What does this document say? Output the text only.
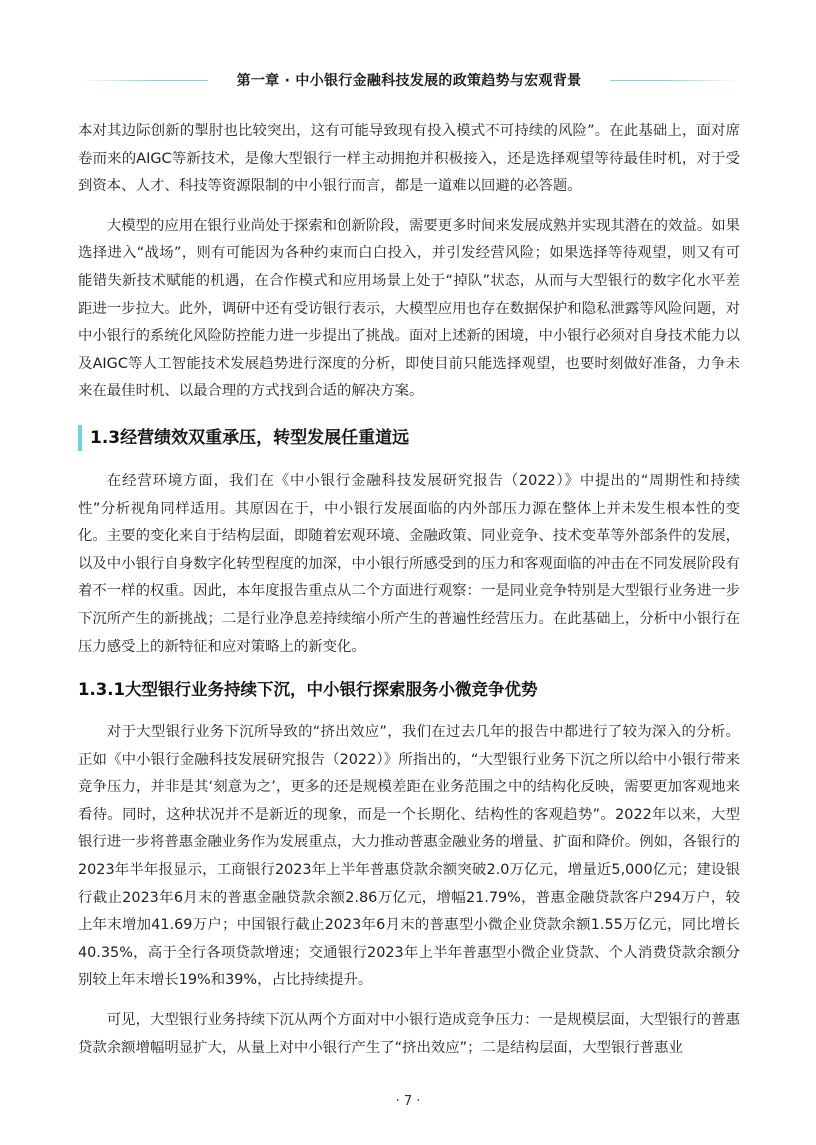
第一章 · 中小银行金融科技发展的政策趋势与宏观背景

本对其边际创新的掣肘也比较突出，这有可能导致现有投入模式不可持续的风险”。在此基础上，面对席卷而来的AIGC等新技术，是像大型银行一样主动拥抱并积极接入，还是选择观望等待最佳时机，对于受到资本、人才、科技等资源限制的中小银行而言，都是一道难以回避的必答题。

大模型的应用在银行业尚处于探索和创新阶段，需要更多时间来发展成熟并实现其潜在的效益。如果选择进入“战场”，则有可能因为各种约束而白白投入，并引发经营风险；如果选择等待观望，则又有可能错失新技术赋能的机遇，在合作模式和应用场景上处于“掉队”状态，从而与大型银行的数字化水平差距进一步拉大。此外，调研中还有受访银行表示，大模型应用也存在数据保护和隐私泄露等风险问题，对中小银行的系统化风险防控能力进一步提出了挑战。面对上述新的困境，中小银行必须对自身技术能力以及AIGC等人工智能技术发展趋势进行深度的分析，即使目前只能选择观望，也要时刻做好准备，力争未来在最佳时机、以最合理的方式找到合适的解决方案。

1.3经营绩效双重承压，转型发展任重道远

在经营环境方面，我们在《中小银行金融科技发展研究报告（2022）》中提出的“周期性和持续性”分析视角同样适用。其原因在于，中小银行发展面临的内外部压力源在整体上并未发生根本性的变化。主要的变化来自于结构层面，即随着宏观环境、金融政策、同业竞争、技术变革等外部条件的发展，以及中小银行自身数字化转型程度的加深，中小银行所感受到的压力和客观面临的冲击在不同发展阶段有着不一样的权重。因此，本年度报告重点从二个方面进行观察：一是同业竞争特别是大型银行业务进一步下沉所产生的新挑战；二是行业净息差持续缩小所产生的普遍性经营压力。在此基础上，分析中小银行在压力感受上的新特征和应对策略上的新变化。

1.3.1大型银行业务持续下沉，中小银行探索服务小微竞争优势

对于大型银行业务下沉所导致的“挤出效应”，我们在过去几年的报告中都进行了较为深入的分析。正如《中小银行金融科技发展研究报告（2022）》所指出的，“大型银行业务下沉之所以给中小银行带来竞争压力，并非是其‘刻意为之’，更多的还是规模差距在业务范围之中的结构化反映，需要更加客观地来看待。同时，这种状况并不是新近的现象，而是一个长期化、结构性的客观趋势”。2022年以来，大型银行进一步将普惠金融业务作为发展重点，大力推动普惠金融业务的增量、扩面和降价。例如，各银行的2023年半年报显示，工商银行2023年上半年普惠贷款余额突破2.0万亿元，增量近5,000亿元；建设银行截止2023年6月末的普惠金融贷款余额2.86万亿元，增幅21.79%，普惠金融贷款客户294万户，较上年末增加41.69万户；中国银行截止2023年6月末的普惠型小微企业贷款余额1.55万亿元，同比增长40.35%，高于全行各项贷款增速；交通银行2023年上半年普惠型小微企业贷款、个人消费贷款余额分别较上年末增长19%和39%，占比持续提升。

可见，大型银行业务持续下沉从两个方面对中小银行造成竞争压力：一是规模层面，大型银行的普惠贷款余额增幅明显扩大，从量上对中小银行产生了“挤出效应”；二是结构层面，大型银行普惠业

· 7 ·
